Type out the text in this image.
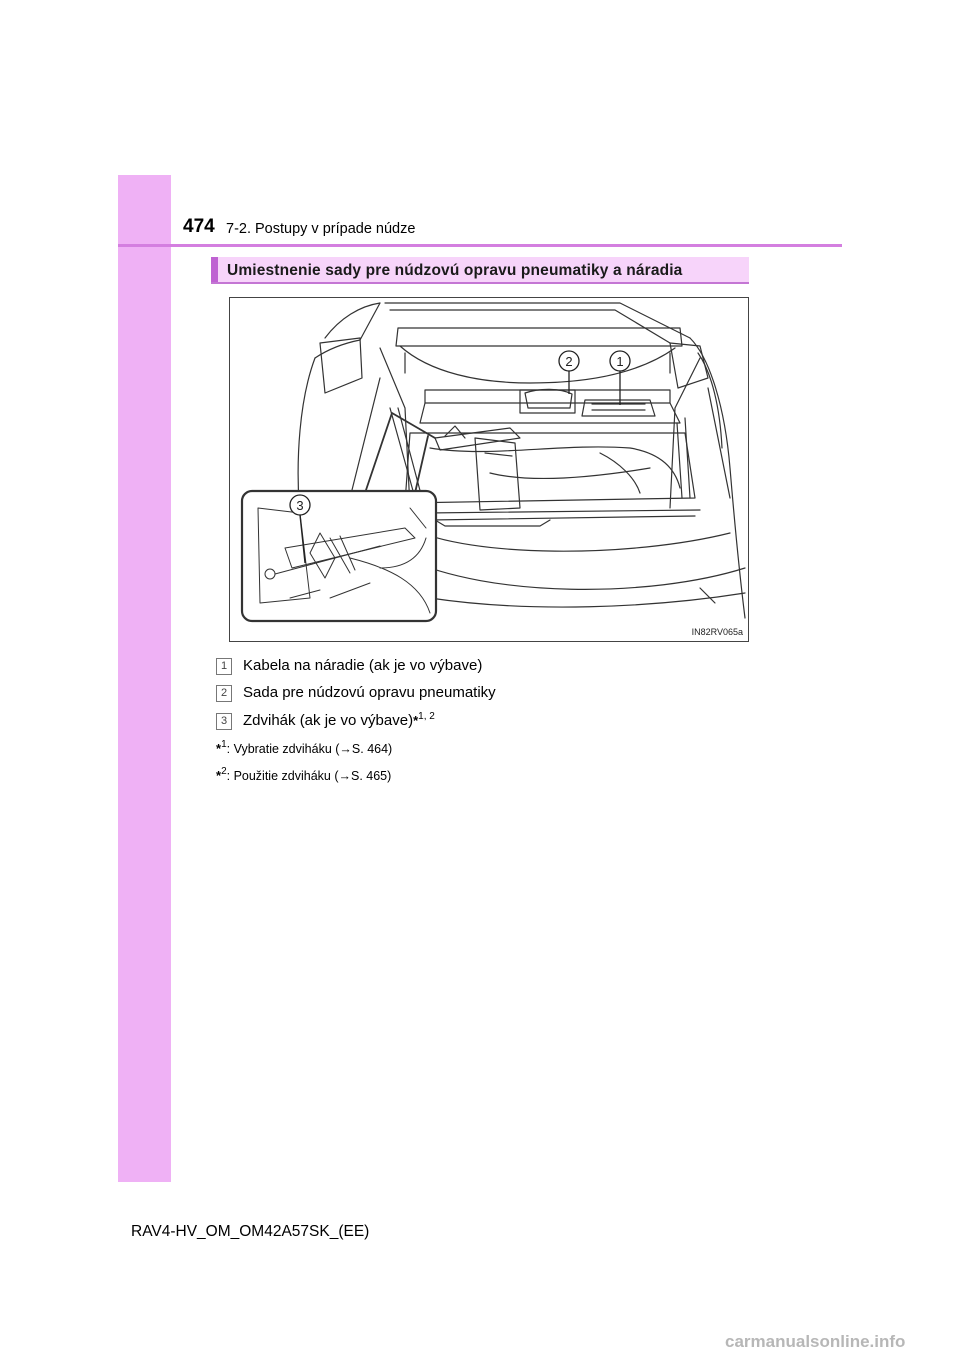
474 7-2. Postupy v prípade núdze
Umiestnenie sady pre núdzovú opravu pneumatiky a náradia
2	1
3
IN82RV065a
1 Kabela na náradie (ak je vo výbave)
2 Sada pre núdzovú opravu pneumatiky
3 Zdvihák (ak je vo výbave)*$^{1, 2}$
*$^1$: Vybratie zdviháku (→S. 464)
*$^2$: Použitie zdviháku (→S. 465)
RAV4-HV_OM_OM42A57SK_(EE)
carmanualsonline.info
